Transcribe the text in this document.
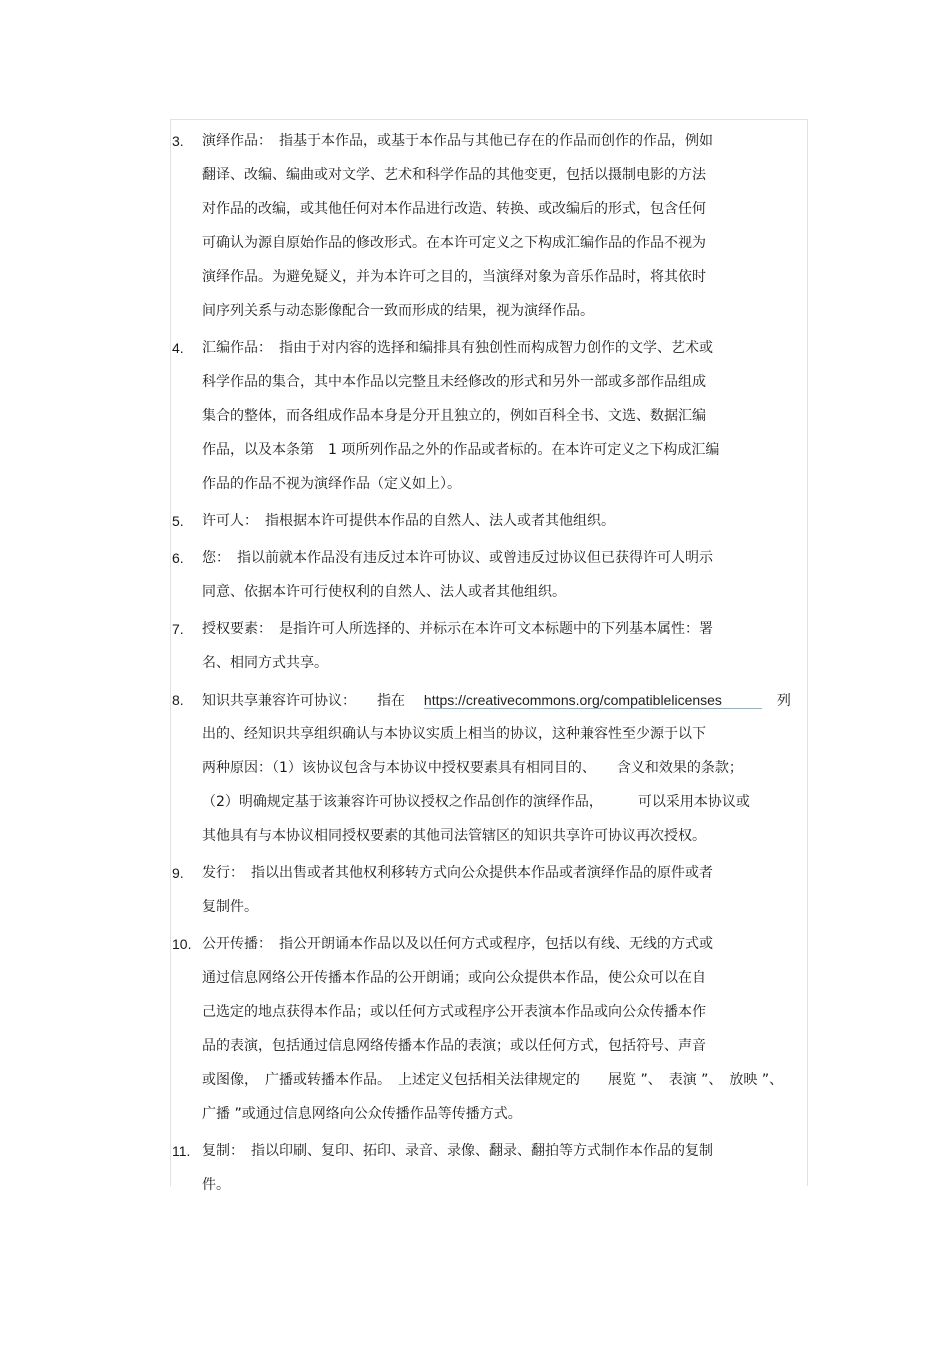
3.	演绎作品：　指基于本作品，或基于本作品与其他已存在的作品而创作的作品，例如
翻译、改编、编曲或对文学、艺术和科学作品的其他变更，包括以摄制电影的方法
对作品的改编，或其他任何对本作品进行改造、转换、或改编后的形式，包含任何
可确认为源自原始作品的修改形式。在本许可定义之下构成汇编作品的作品不视为
演绎作品。为避免疑义，并为本许可之目的，当演绎对象为音乐作品时，将其依时
间序列关系与动态影像配合一致而形成的结果，视为演绎作品。
4.	汇编作品：　指由于对内容的选择和编排具有独创性而构成智力创作的文学、艺术或
科学作品的集合，其中本作品以完整且未经修改的形式和另外一部或多部作品组成
集合的整体，而各组成作品本身是分开且独立的，例如百科全书、文选、数据汇编
作品，以及本条第　1 项所列作品之外的作品或者标的。在本许可定义之下构成汇编
作品的作品不视为演绎作品（定义如上）。
5.	许可人：　指根据本许可提供本作品的自然人、法人或者其他组织。
6.	您：　指以前就本作品没有违反过本许可协议、或曾违反过协议但已获得许可人明示
同意、依据本许可行使权利的自然人、法人或者其他组织。
7.	授权要素：　是指许可人所选择的、并标示在本许可文本标题中的下列基本属性：署
名、相同方式共享。
8.	知识共享兼容许可协议：　　指在 https://creativecommons.org/compatiblelicenses	列
出的、经知识共享组织确认与本协议实质上相当的协议，这种兼容性至少源于以下
两种原因：（1）该协议包含与本协议中授权要素具有相同目的、　　含义和效果的条款；
（2）明确规定基于该兼容许可协议授权之作品创作的演绎作品，　　　可以采用本协议或
其他具有与本协议相同授权要素的其他司法管辖区的知识共享许可协议再次授权。
9.	发行：　指以出售或者其他权利移转方式向公众提供本作品或者演绎作品的原件或者
复制件。
10. 公开传播：　指公开朗诵本作品以及以任何方式或程序，包括以有线、无线的方式或
通过信息网络公开传播本作品的公开朗诵；或向公众提供本作品，使公众可以在自
己选定的地点获得本作品；或以任何方式或程序公开表演本作品或向公众传播本作
品的表演，包括通过信息网络传播本作品的表演；或以任何方式，包括符号、声音
或图像，　广播或转播本作品。　上述定义包括相关法律规定的　　展览 ”、　表演 ”、　放映 ”、
广播 ”或通过信息网络向公众传播作品等传播方式。
11. 复制：　指以印刷、复印、拓印、录音、录像、翻录、翻拍等方式制作本作品的复制
件。
